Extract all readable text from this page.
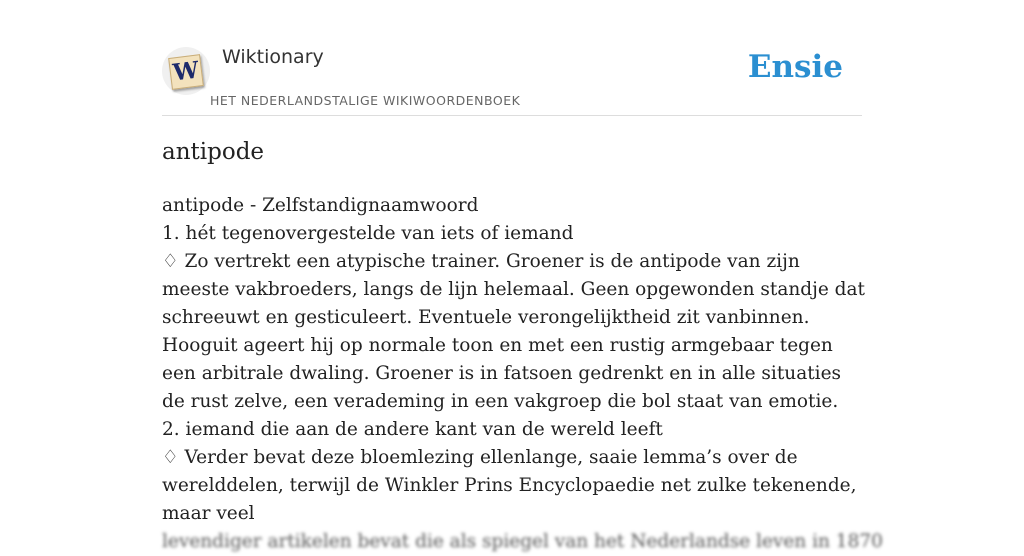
W Wiktionary
HET NEDERLANDSTALIGE WIKIWOORDENBOEK
Ensie
antipode

antipode - Zelfstandignaamwoord

1. hét tegenovergestelde van iets of iemand

♢ Zo vertrekt een atypische trainer. Groener is de antipode van zijn meeste vakbroeders, langs de lijn helemaal. Geen opgewonden standje dat schreeuwt en gesticuleert. Eventuele verongelijktheid zit vanbinnen. Hooguit ageert hij op normale toon en met een rustig armgebaar tegen een arbitrale dwaling. Groener is in fatsoen gedrenkt en in alle situaties de rust zelve, een verademing in een vakgroep die bol staat van emotie.

2. iemand die aan de andere kant van de wereld leeft

♢ Verder bevat deze bloemlezing ellenlange, saaie lemma’s over de werelddelen, terwijl de Winkler Prins Encyclopaedie net zulke tekenende, maar veel

levendiger artikelen bevat die als spiegel van het Nederlandse leven in 1870
